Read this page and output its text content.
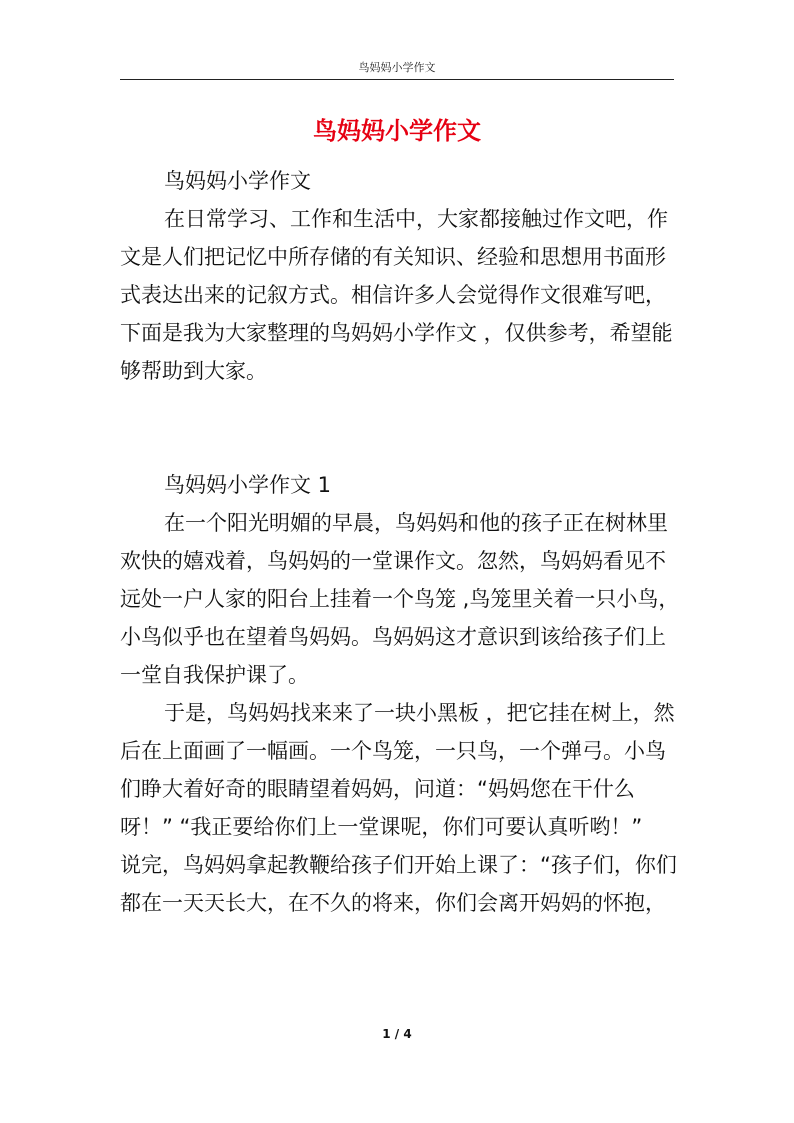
鸟妈妈小学作文
鸟妈妈小学作文
鸟妈妈小学作文
在日常学习、工作和生活中，大家都接触过作文吧，作
文是人们把记忆中所存储的有关知识、经验和思想用书面形
式表达出来的记叙方式。相信许多人会觉得作文很难写吧，
下面是我为大家整理的鸟妈妈小学作文 ，仅供参考，希望能
够帮助到大家。
鸟妈妈小学作文 1
在一个阳光明媚的早晨，鸟妈妈和他的孩子正在树林里
欢快的嬉戏着，鸟妈妈的一堂课作文。忽然，鸟妈妈看见不
远处一户人家的阳台上挂着一个鸟笼 ,鸟笼里关着一只小鸟，
小鸟似乎也在望着鸟妈妈。鸟妈妈这才意识到该给孩子们上
一堂自我保护课了。
于是，鸟妈妈找来来了一块小黑板 ，把它挂在树上，然
后在上面画了一幅画。一个鸟笼，一只鸟，一个弹弓。小鸟
们睁大着好奇的眼睛望着妈妈，问道：“妈妈您在干什么
呀！” “我正要给你们上一堂课呢，你们可要认真听哟！”
说完，鸟妈妈拿起教鞭给孩子们开始上课了：“孩子们，你们
都在一天天长大，在不久的将来，你们会离开妈妈的怀抱，
1 / 4
